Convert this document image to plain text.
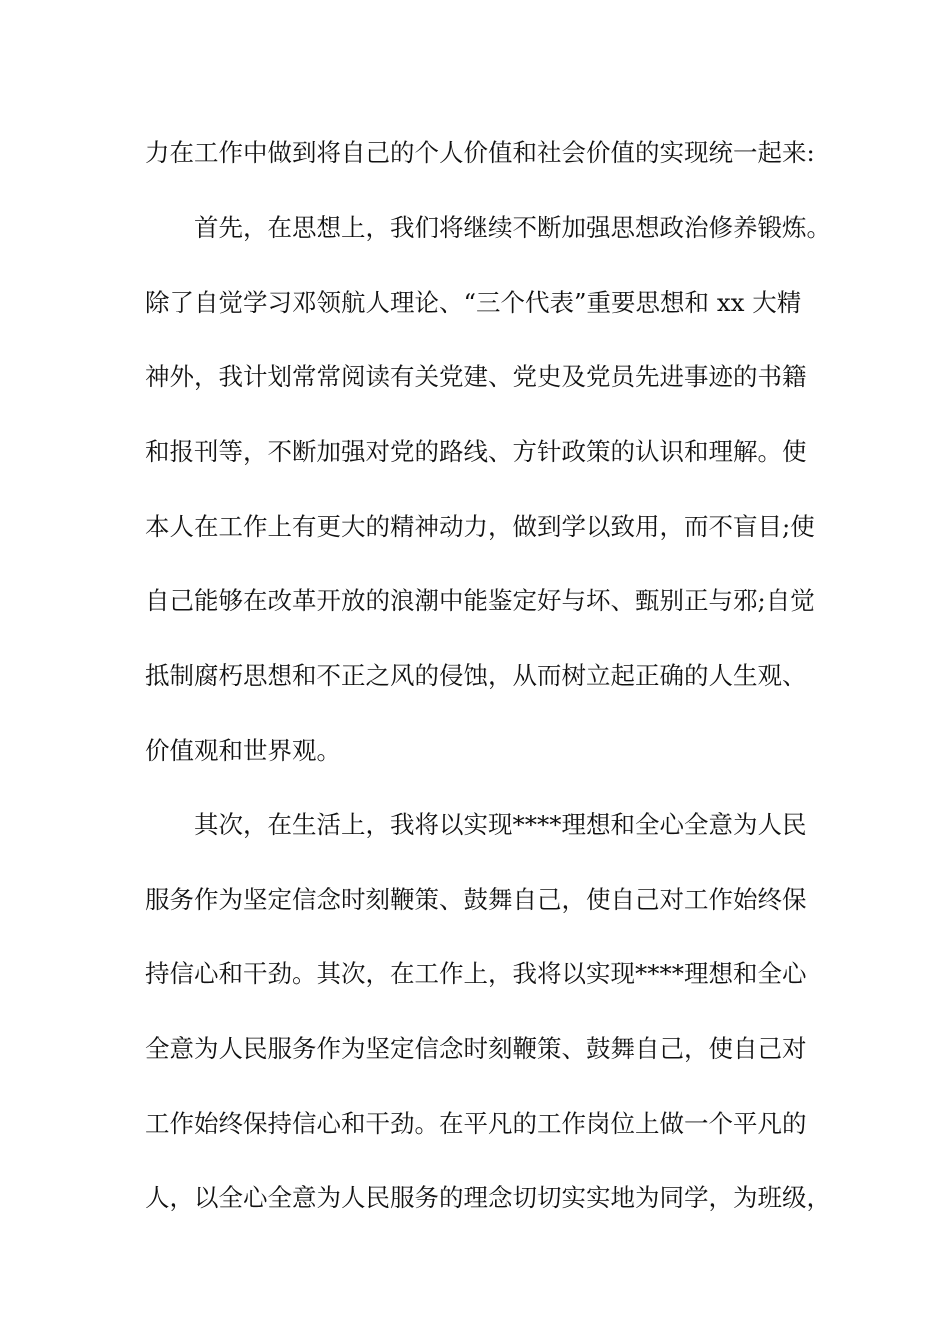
力在工作中做到将自己的个人价值和社会价值的实现统一起来:

首先，在思想上，我们将继续不断加强思想政治修养锻炼。

除了自觉学习邓领航人理论、“三个代表”重要思想和 xx 大精

神外，我计划常常阅读有关党建、党史及党员先进事迹的书籍

和报刊等，不断加强对党的路线、方针政策的认识和理解。使

本人在工作上有更大的精神动力，做到学以致用，而不盲目;使

自己能够在改革开放的浪潮中能鉴定好与坏、甄别正与邪;自觉

抵制腐朽思想和不正之风的侵蚀，从而树立起正确的人生观、

价值观和世界观。

其次，在生活上，我将以实现****理想和全心全意为人民

服务作为坚定信念时刻鞭策、鼓舞自己，使自己对工作始终保

持信心和干劲。其次，在工作上，我将以实现****理想和全心

全意为人民服务作为坚定信念时刻鞭策、鼓舞自己，使自己对

工作始终保持信心和干劲。在平凡的工作岗位上做一个平凡的

人，以全心全意为人民服务的理念切切实实地为同学，为班级，
